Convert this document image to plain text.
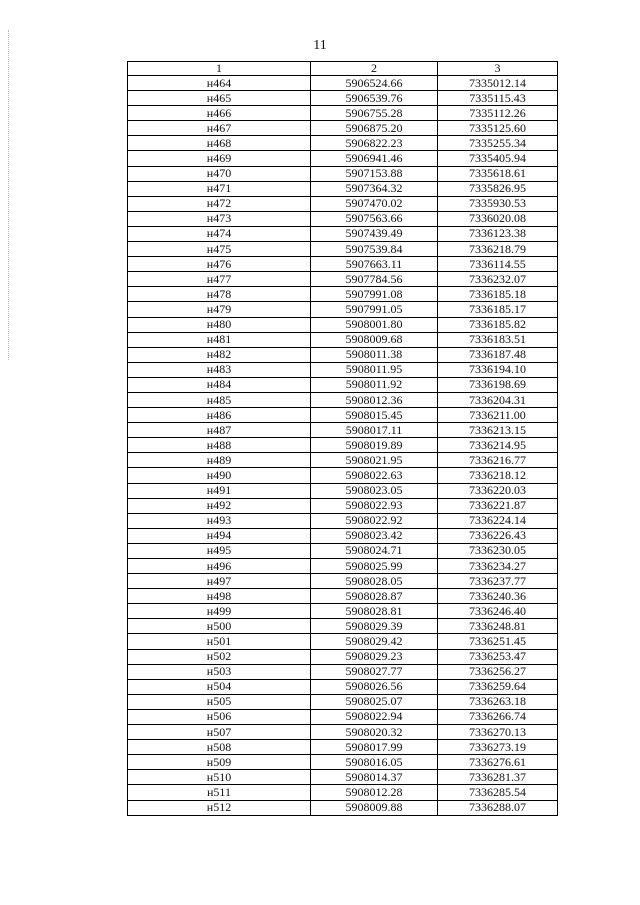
11
1	2	3
н464	5906524.66	7335012.14
н465	5906539.76	7335115.43
н466	5906755.28	7335112.26
н467	5906875.20	7335125.60
н468	5906822.23	7335255.34
н469	5906941.46	7335405.94
н470	5907153.88	7335618.61
н471	5907364.32	7335826.95
н472	5907470.02	7335930.53
н473	5907563.66	7336020.08
н474	5907439.49	7336123.38
н475	5907539.84	7336218.79
н476	5907663.11	7336114.55
н477	5907784.56	7336232.07
н478	5907991.08	7336185.18
н479	5907991.05	7336185.17
н480	5908001.80	7336185.82
н481	5908009.68	7336183.51
н482	5908011.38	7336187.48
н483	5908011.95	7336194.10
н484	5908011.92	7336198.69
н485	5908012.36	7336204.31
н486	5908015.45	7336211.00
н487	5908017.11	7336213.15
н488	5908019.89	7336214.95
н489	5908021.95	7336216.77
н490	5908022.63	7336218.12
н491	5908023.05	7336220.03
н492	5908022.93	7336221.87
н493	5908022.92	7336224.14
н494	5908023.42	7336226.43
н495	5908024.71	7336230.05
н496	5908025.99	7336234.27
н497	5908028.05	7336237.77
н498	5908028.87	7336240.36
н499	5908028.81	7336246.40
н500	5908029.39	7336248.81
н501	5908029.42	7336251.45
н502	5908029.23	7336253.47
н503	5908027.77	7336256.27
н504	5908026.56	7336259.64
н505	5908025.07	7336263.18
н506	5908022.94	7336266.74
н507	5908020.32	7336270.13
н508	5908017.99	7336273.19
н509	5908016.05	7336276.61
н510	5908014.37	7336281.37
н511	5908012.28	7336285.54
н512	5908009.88	7336288.07
